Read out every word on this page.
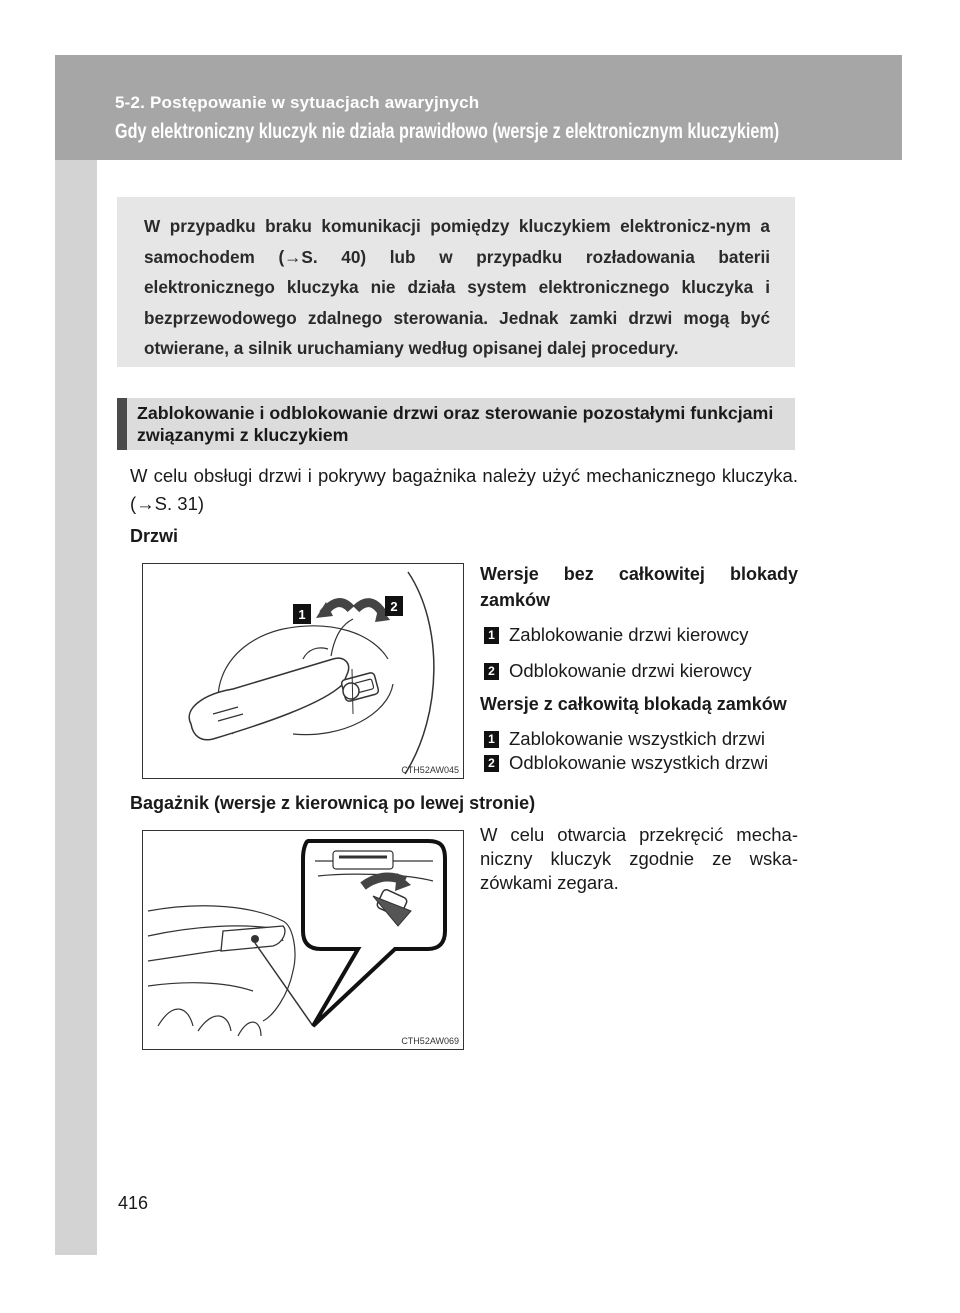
5-2. Postępowanie w sytuacjach awaryjnych
Gdy elektroniczny kluczyk nie działa prawidłowo (wersje z elektronicznym kluczykiem)

W przypadku braku komunikacji pomiędzy kluczykiem elektronicz-nym a samochodem (→S. 40) lub w przypadku rozładowania baterii elektronicznego kluczyka nie działa system elektronicznego kluczyka i bezprzewodowego zdalnego sterowania. Jednak zamki drzwi mogą być otwierane, a silnik uruchamiany według opisanej dalej procedury.

Zablokowanie i odblokowanie drzwi oraz sterowanie pozostałymi funkcjami związanymi z kluczykiem

W celu obsługi drzwi i pokrywy bagażnika należy użyć mechanicznego kluczyka. (→S. 31)

Drzwi
1
2
CTH52AW045

Wersje bez całkowitej blokady zamków

1 Zablokowanie drzwi kierowcy
2 Odblokowanie drzwi kierowcy

Wersje z całkowitą blokadą zamków

1 Zablokowanie wszystkich drzwi
2 Odblokowanie wszystkich drzwi
Bagażnik (wersje z kierownicą po lewej stronie)
CTH52AW069

W celu otwarcia przekręcić mecha-niczny kluczyk zgodnie ze wska-zówkami zegara.

416
